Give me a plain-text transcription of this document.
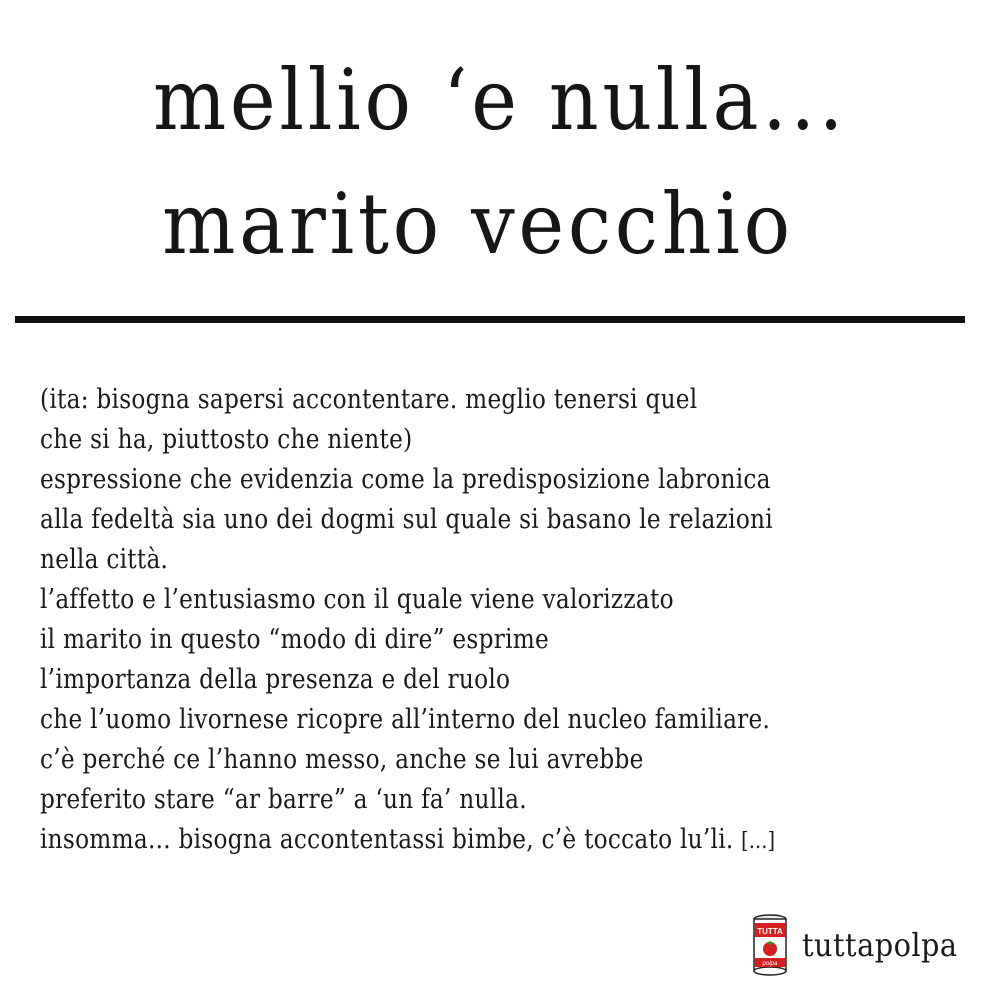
mellio ‘e nulla...
marito vecchio
(ita: bisogna sapersi accontentare. meglio tenersi quel
che si ha, piuttosto che niente)
espressione che evidenzia come la predisposizione labronica
alla fedeltà sia uno dei dogmi sul quale si basano le relazioni
nella città.
l’affetto e l’entusiasmo con il quale viene valorizzato
il marito in questo “modo di dire” esprime
l’importanza della presenza e del ruolo
che l’uomo livornese ricopre all’interno del nucleo familiare.
c’è perché ce l’hanno messo, anche se lui avrebbe
preferito stare “ar barre” a ‘un fa’ nulla.
insomma... bisogna accontentassi bimbe, c’è toccato lu’li. [...]
TUTTA
polpa tuttapolpa
